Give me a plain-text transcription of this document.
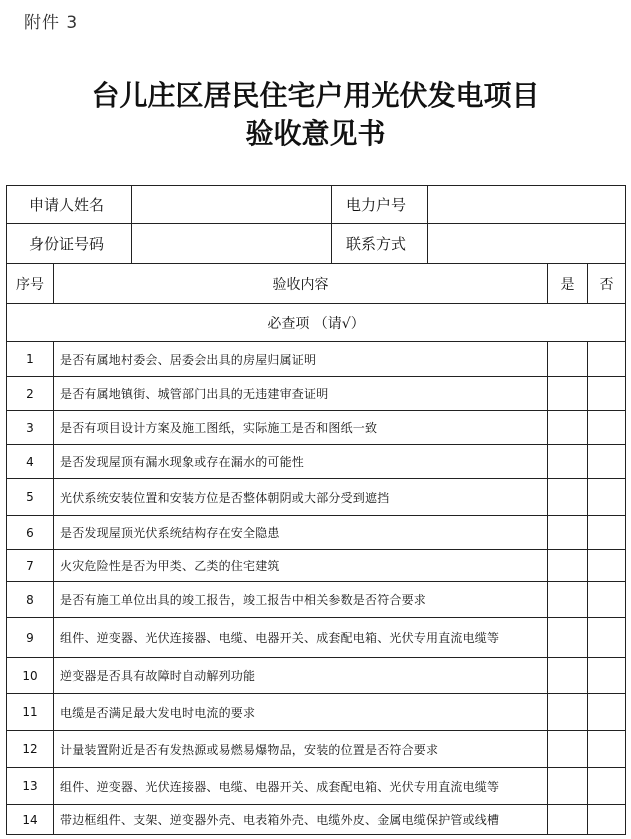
附件 3
台儿庄区居民住宅户用光伏发电项目
验收意见书
申请人姓名			电力户号			
身份证号码			联系方式			
序号	验收内容				是	否
必查项 （请√）						
1	是否有属地村委会、居委会出具的房屋归属证明					
2	是否有属地镇街、城管部门出具的无违建审查证明					
3	是否有项目设计方案及施工图纸，实际施工是否和图纸一致					
4	是否发现屋顶有漏水现象或存在漏水的可能性					
5	光伏系统安装位置和安装方位是否整体朝阴或大部分受到遮挡					
6	是否发现屋顶光伏系统结构存在安全隐患					
7	火灾危险性是否为甲类、乙类的住宅建筑					
8	是否有施工单位出具的竣工报告，竣工报告中相关参数是否符合要求					
9	组件、逆变器、光伏连接器、电缆、电器开关、成套配电箱、光伏专用直流电缆等					
10	逆变器是否具有故障时自动解列功能					
11	电缆是否满足最大发电时电流的要求					
12	计量装置附近是否有发热源或易燃易爆物品，安装的位置是否符合要求					
13	组件、逆变器、光伏连接器、电缆、电器开关、成套配电箱、光伏专用直流电缆等					
14	带边框组件、支架、逆变器外壳、电表箱外壳、电缆外皮、金属电缆保护管或线槽					
